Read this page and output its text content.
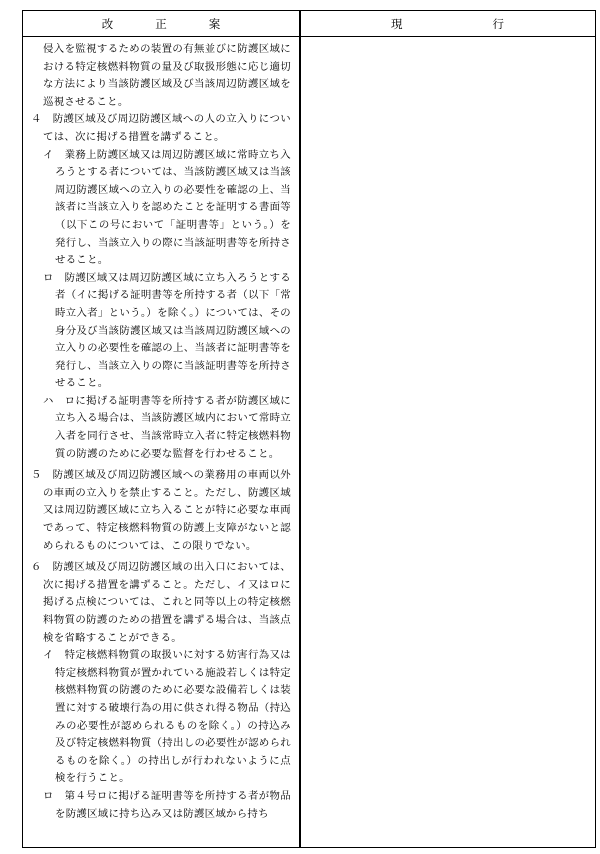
改正案	現行

侵入を監視するための装置の有無並びに防護区域における特定核燃料物質の量及び取扱形態に応じ適切な方法により当該防護区域及び当該周辺防護区域を巡視させること。

４　防護区域及び周辺防護区域への人の立入りについては、次に掲げる措置を講ずること。

イ　業務上防護区域又は周辺防護区域に常時立ち入ろうとする者については、当該防護区域又は当該周辺防護区域への立入りの必要性を確認の上、当該者に当該立入りを認めたことを証明する書面等（以下この号において「証明書等」という。）を発行し、当該立入りの際に当該証明書等を所持させること。

ロ　防護区域又は周辺防護区域に立ち入ろうとする者（イに掲げる証明書等を所持する者（以下「常時立入者」という。）を除く。）については、その身分及び当該防護区域又は当該周辺防護区域への立入りの必要性を確認の上、当該者に証明書等を発行し、当該立入りの際に当該証明書等を所持させること。

ハ　ロに掲げる証明書等を所持する者が防護区域に立ち入る場合は、当該防護区域内において常時立入者を同行させ、当該常時立入者に特定核燃料物質の防護のために必要な監督を行わせること。

５　防護区域及び周辺防護区域への業務用の車両以外の車両の立入りを禁止すること。ただし、防護区域又は周辺防護区域に立ち入ることが特に必要な車両であって、特定核燃料物質の防護上支障がないと認められるものについては、この限りでない。

６　防護区域及び周辺防護区域の出入口においては、次に掲げる措置を講ずること。ただし、イ又はロに掲げる点検については、これと同等以上の特定核燃料物質の防護のための措置を講ずる場合は、当該点検を省略することができる。

イ　特定核燃料物質の取扱いに対する妨害行為又は特定核燃料物質が置かれている施設若しくは特定核燃料物質の防護のために必要な設備若しくは装置に対する破壊行為の用に供され得る物品（持込みの必要性が認められるものを除く。）の持込み及び特定核燃料物質（持出しの必要性が認められるものを除く。）の持出しが行われないように点検を行うこと。

ロ　第４号ロに掲げる証明書等を所持する者が物品を防護区域に持ち込み又は防護区域から持ち
